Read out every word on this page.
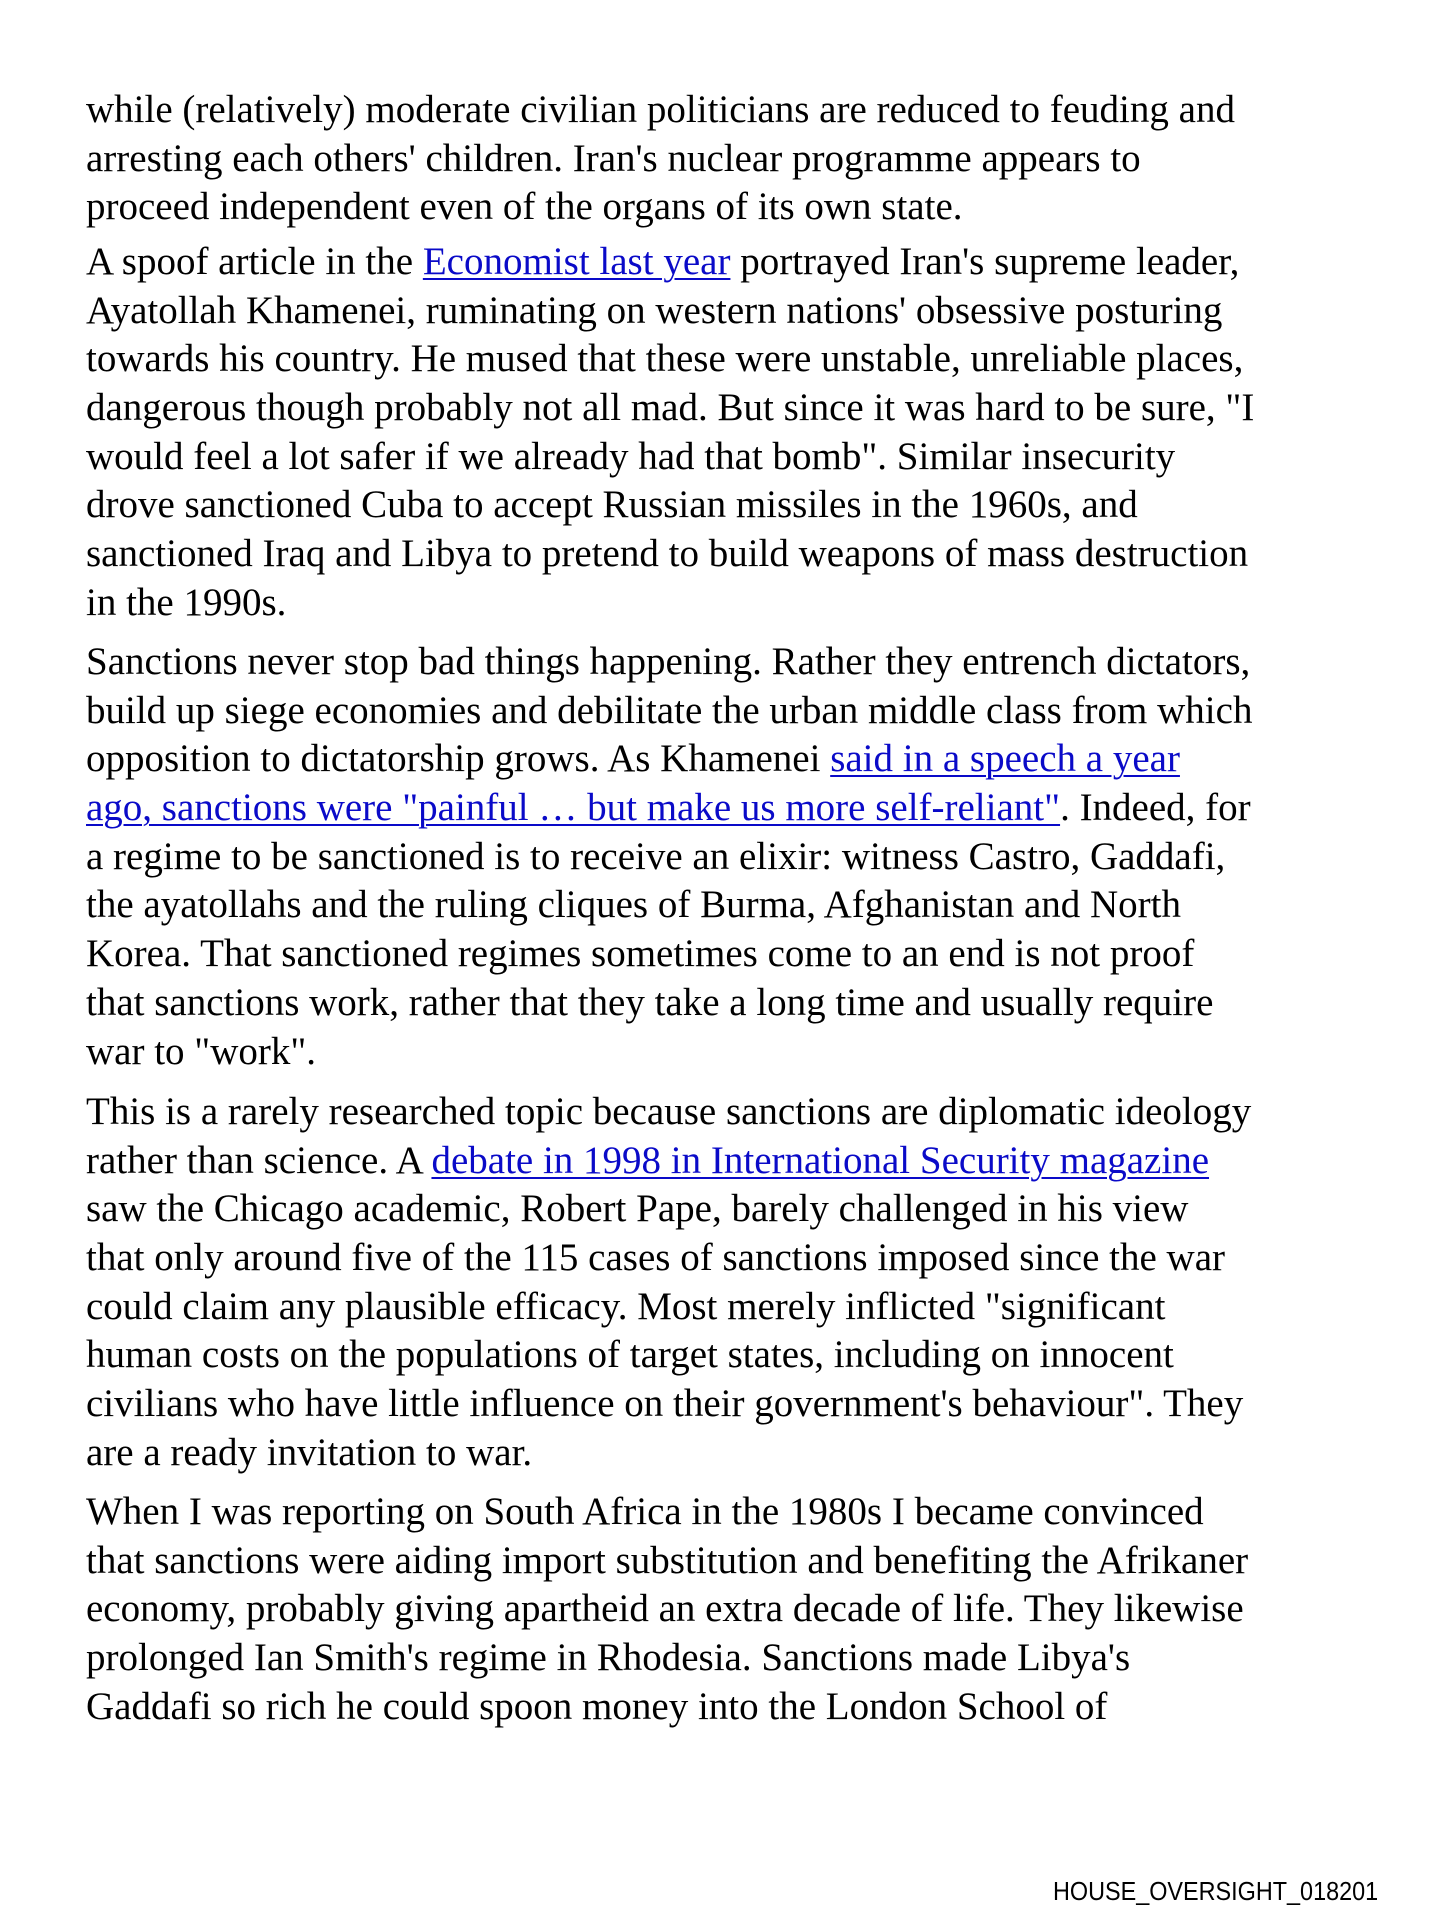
while (relatively) moderate civilian politicians are reduced to feuding and
arresting each others' children. Iran's nuclear programme appears to
proceed independent even of the organs of its own state.

A spoof article in the Economist last year portrayed Iran's supreme leader,
Ayatollah Khamenei, ruminating on western nations' obsessive posturing
towards his country. He mused that these were unstable, unreliable places,
dangerous though probably not all mad. But since it was hard to be sure, "I
would feel a lot safer if we already had that bomb". Similar insecurity
drove sanctioned Cuba to accept Russian missiles in the 1960s, and
sanctioned Iraq and Libya to pretend to build weapons of mass destruction
in the 1990s.

Sanctions never stop bad things happening. Rather they entrench dictators,
build up siege economies and debilitate the urban middle class from which
opposition to dictatorship grows. As Khamenei said in a speech a year
ago, sanctions were "painful … but make us more self-reliant". Indeed, for
a regime to be sanctioned is to receive an elixir: witness Castro, Gaddafi,
the ayatollahs and the ruling cliques of Burma, Afghanistan and North
Korea. That sanctioned regimes sometimes come to an end is not proof
that sanctions work, rather that they take a long time and usually require
war to "work".

This is a rarely researched topic because sanctions are diplomatic ideology
rather than science. A debate in 1998 in International Security magazine
saw the Chicago academic, Robert Pape, barely challenged in his view
that only around five of the 115 cases of sanctions imposed since the war
could claim any plausible efficacy. Most merely inflicted "significant
human costs on the populations of target states, including on innocent
civilians who have little influence on their government's behaviour". They
are a ready invitation to war.

When I was reporting on South Africa in the 1980s I became convinced
that sanctions were aiding import substitution and benefiting the Afrikaner
economy, probably giving apartheid an extra decade of life. They likewise
prolonged Ian Smith's regime in Rhodesia. Sanctions made Libya's
Gaddafi so rich he could spoon money into the London School of

HOUSE_OVERSIGHT_018201
